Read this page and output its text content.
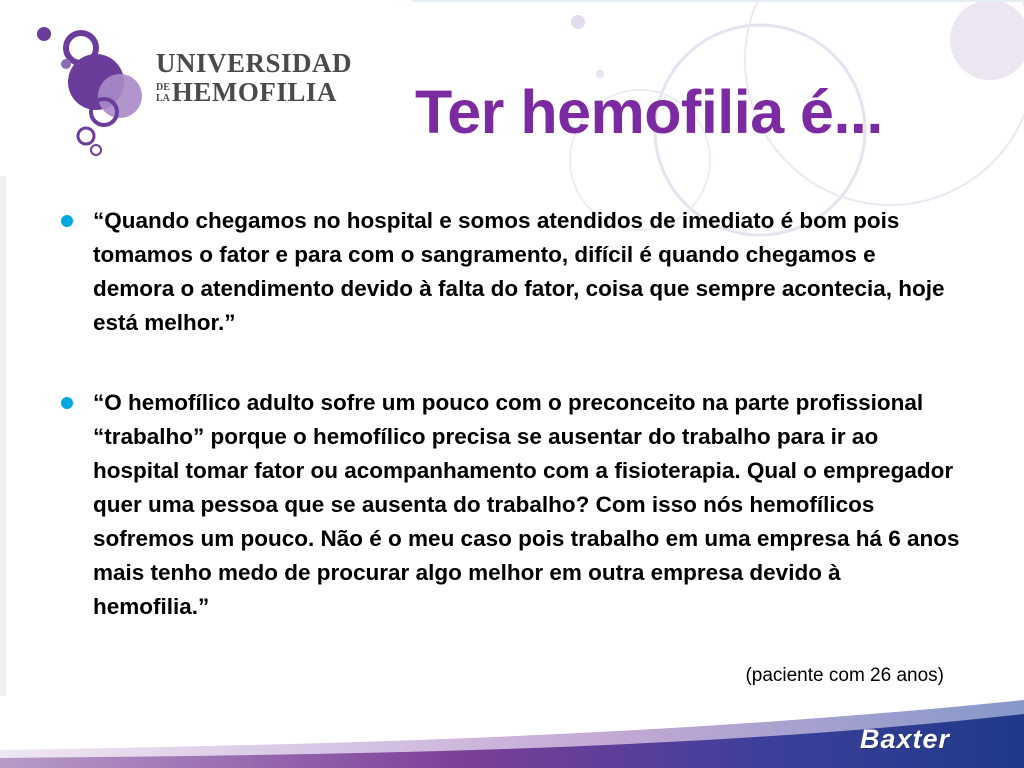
UNIVERSIDAD
DE
LA HEMOFILIA Ter hemofilia é...
“Quando chegamos no hospital e somos atendidos de imediato é bom pois tomamos o fator e para com o sangramento, difícil é quando chegamos e demora o atendimento devido à falta do fator, coisa que sempre acontecia, hoje está melhor.”
“O hemofílico adulto sofre um pouco com o preconceito na parte profissional “trabalho” porque o hemofílico precisa se ausentar do trabalho para ir ao hospital tomar fator ou acompanhamento com a fisioterapia. Qual o empregador quer uma pessoa que se ausenta do trabalho? Com isso nós hemofílicos sofremos um pouco. Não é o meu caso pois trabalho em uma empresa há 6 anos mais tenho medo de procurar algo melhor em outra empresa devido à hemofilia.”
(paciente com 26 anos)
Baxter
